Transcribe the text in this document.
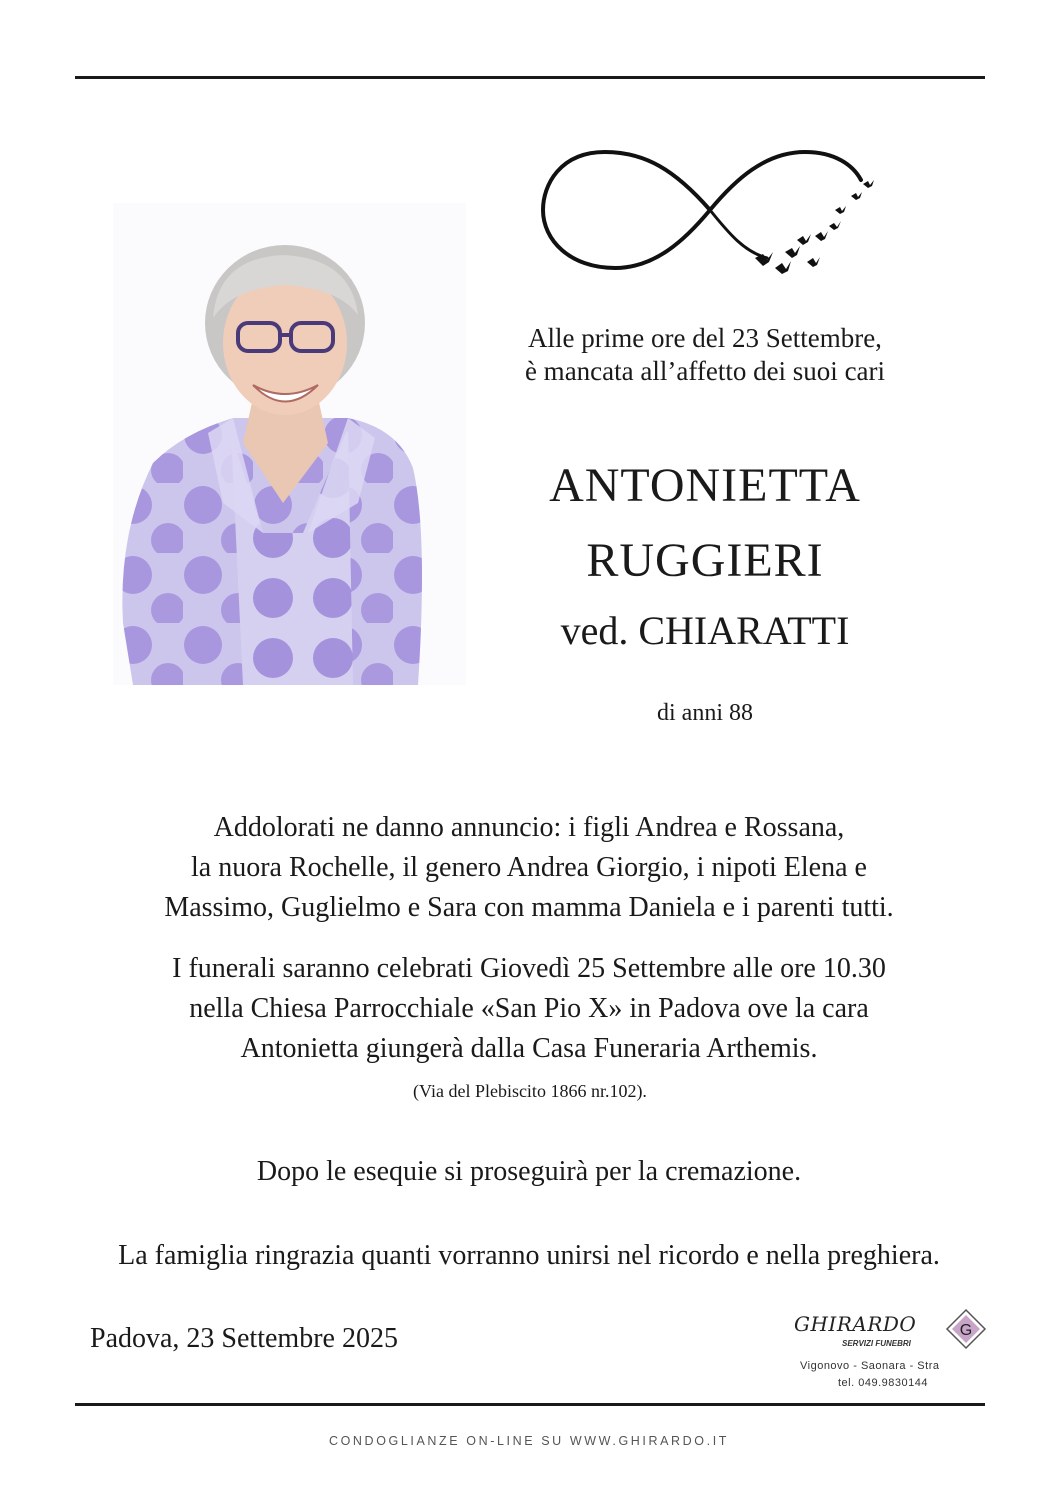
Alle prime ore del 23 Settembre,
è mancata all’affetto dei suoi cari
ANTONIETTA
RUGGIERI
ved. CHIARATTI
di anni 88
Addolorati ne danno annuncio: i figli Andrea e Rossana,
la nuora Rochelle, il genero Andrea Giorgio, i nipoti Elena e
Massimo, Guglielmo e Sara con mamma Daniela e i parenti tutti.
I funerali saranno celebrati Giovedì 25 Settembre alle ore 10.30
nella Chiesa Parrocchiale «San Pio X» in Padova ove la cara
Antonietta giungerà dalla Casa Funeraria Arthemis.
(Via del Plebiscito 1866 nr.102).
Dopo le esequie si proseguirà per la cremazione.
La famiglia ringrazia quanti vorranno unirsi nel ricordo e nella preghiera.
Padova, 23 Settembre 2025	GHIRARDO
SERVIZI FUNEBRI
G
Vigonovo - Saonara - Stra
tel. 049.9830144
CONDOGLIANZE ON-LINE SU WWW.GHIRARDO.IT
